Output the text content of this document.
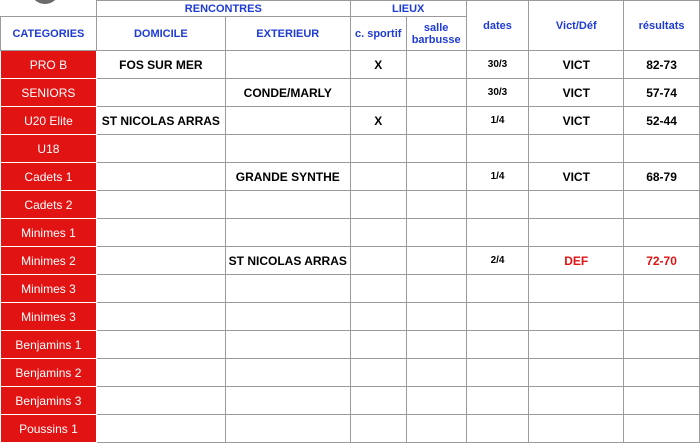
	RENCONTRES		LIEUX		dates	Vict/Déf	résultats
CATEGORIES	DOMICILE	EXTERIEUR	c. sportif	salle barbusse			
PRO B	FOS SUR MER		X		30/3	VICT	82-73
SENIORS		CONDE/MARLY			30/3	VICT	57-74
U20 Elite	ST NICOLAS ARRAS		X		1/4	VICT	52-44
U18							
Cadets 1		GRANDE SYNTHE			1/4	VICT	68-79
Cadets 2							
Minimes 1							
Minimes 2		ST NICOLAS ARRAS			2/4	DEF	72-70
Minimes 3							
Minimes 3							
Benjamins 1							
Benjamins 2							
Benjamins 3							
Poussins 1							
